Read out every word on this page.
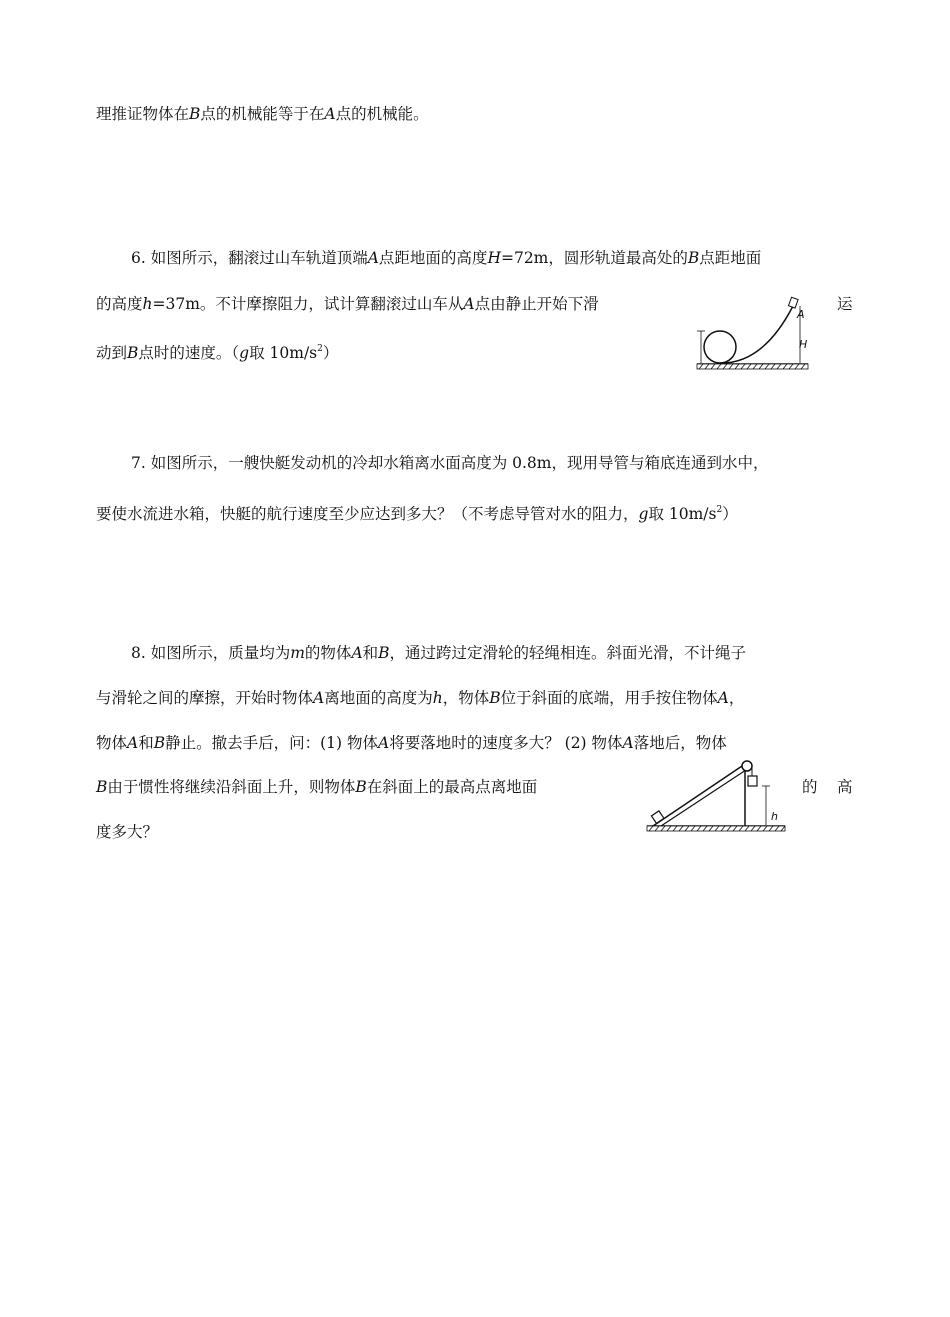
理推证物体在B点的机械能等于在A点的机械能。
6. 如图所示，翻滚过山车轨道顶端A点距地面的高度H=72m，圆形轨道最高处的B点距地面
的高度h=37m。不计摩擦阻力，试计算翻滚过山车从A点由静止开始下滑	运
动到B点时的速度。（g取 $10m/s^2$）
A
H
7. 如图所示，一艘快艇发动机的冷却水箱离水面高度为 0.8m，现用导管与箱底连通到水中，
要使水流进水箱，快艇的航行速度至少应达到多大？（不考虑导管对水的阻力，g取 $10m/s^2$）
8. 如图所示，质量均为m的物体A和B，通过跨过定滑轮的轻绳相连。斜面光滑，不计绳子
与滑轮之间的摩擦，开始时物体A离地面的高度为h，物体B位于斜面的底端，用手按住物体A，
物体A和B静止。撤去手后，问：(1) 物体A将要落地时的速度多大？ (2) 物体A落地后，物体
B由于惯性将继续沿斜面上升，则物体B在斜面上的最高点离地面	的 高
度多大？
h
